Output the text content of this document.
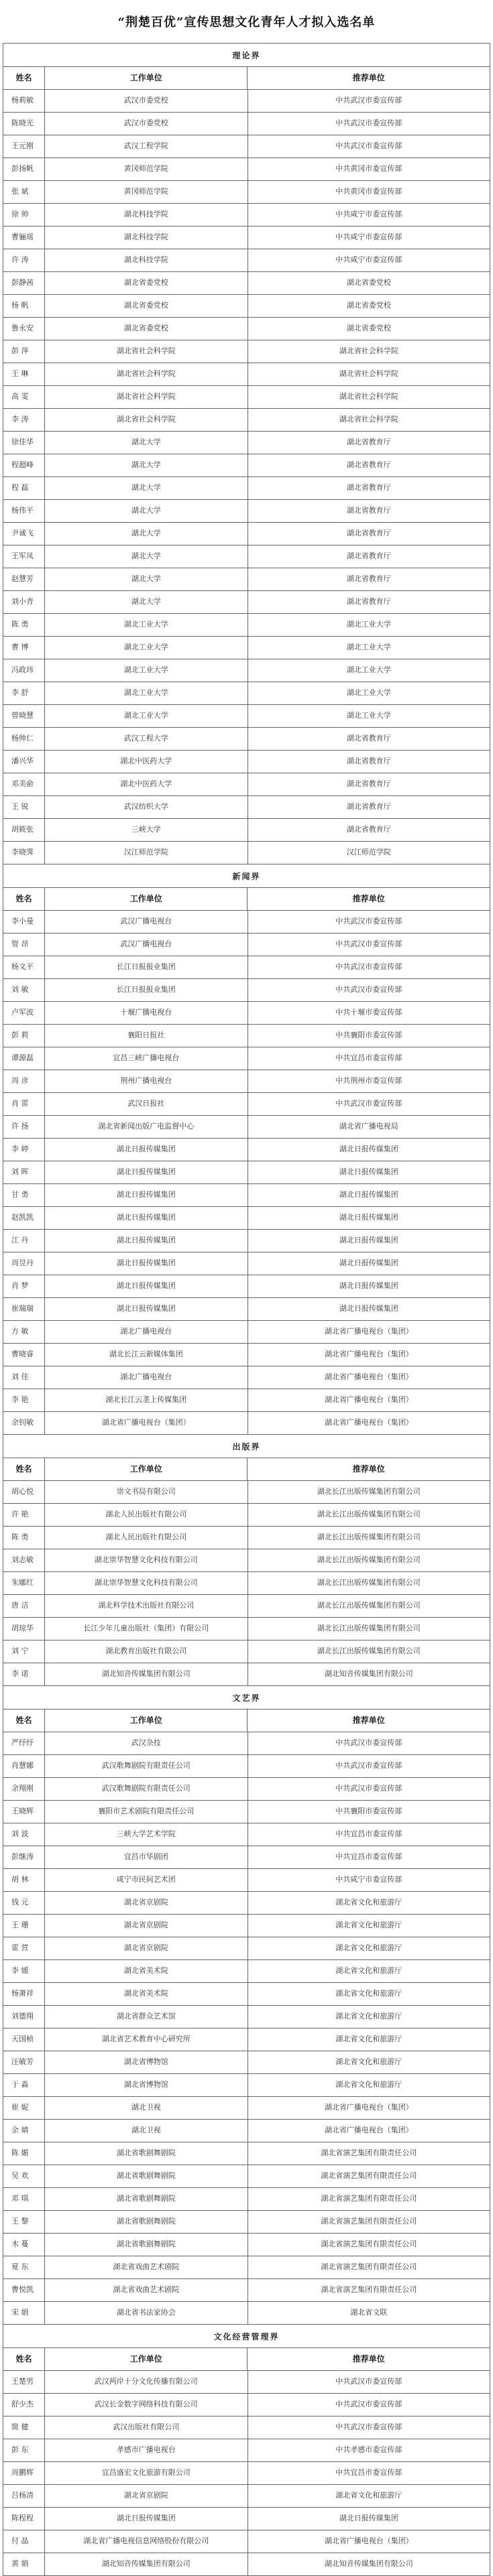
“荆楚百优”宣传思想文化青年人才拟入选名单
理论界
姓名	工作单位	推荐单位
杨莉敏	武汉市委党校	中共武汉市委宣传部
陈晓光	武汉市委党校	中共武汉市委宣传部
王元刚	武汉工程学院	中共武汉市委宣传部
彭扬帆	黄冈师范学院	中共黄冈市委宣传部
张 斌	黄冈师范学院	中共黄冈市委宣传部
徐 帅	湖北科技学院	中共咸宁市委宣传部
曹骊瑶	湖北科技学院	中共咸宁市委宣传部
许 涛	湖北科技学院	中共咸宁市委宣传部
彭静茜	湖北省委党校	湖北省委党校
杨 帆	湖北省委党校	湖北省委党校
鲁永安	湖北省委党校	湖北省委党校
彭 萍	湖北省社会科学院	湖北省社会科学院
王 琳	湖北省社会科学院	湖北省社会科学院
高 雯	湖北省社会科学院	湖北省社会科学院
李 涛	湖北省社会科学院	湖北省社会科学院
徐佳华	湖北大学	湖北省教育厅
程超峰	湖北大学	湖北省教育厅
程 磊	湖北大学	湖北省教育厅
杨伟平	湖北大学	湖北省教育厅
尹诚飞	湖北大学	湖北省教育厅
王军凤	湖北大学	湖北省教育厅
赵慧芳	湖北大学	湖北省教育厅
刘小青	湖北大学	湖北省教育厅
陈 勇	湖北工业大学	湖北工业大学
曹 博	湖北工业大学	湖北工业大学
冯政玮	湖北工业大学	湖北工业大学
李 舒	湖北工业大学	湖北工业大学
曾晓慧	湖北工业大学	湖北工业大学
杨帅仁	武汉工程大学	湖北省教育厅
潘兴华	湖北中医药大学	湖北省教育厅
邓美俞	湖北中医药大学	湖北省教育厅
王 锐	武汉纺织大学	湖北省教育厅
胡筱张	三峡大学	湖北省教育厅
李晓霁	汉江师范学院	汉江师范学院
新闻界
姓名	工作单位	推荐单位
李小曼	武汉广播电视台	中共武汉市委宣传部
管 昂	武汉广播电视台	中共武汉市委宣传部
杨文平	长江日报报业集团	中共武汉市委宣传部
刘 敏	长江日报报业集团	中共武汉市委宣传部
卢军波	十堰广播电视台	中共十堰市委宣传部
彭 莉	襄阳日报社	中共襄阳市委宣传部
谭源磊	宜昌三峡广播电视台	中共宜昌市委宣传部
周 彦	荆州广播电视台	中共荆州市委宣传部
肖 雷	武汉日报社	中共武汉市委宣传部
许 扬	湖北省新闻出版广电监督中心	湖北省广播电视局
李 婷	湖北日报传媒集团	湖北日报传媒集团
刘 晖	湖北日报传媒集团	湖北日报传媒集团
甘 勇	湖北日报传媒集团	湖北日报传媒集团
赵凯凯	湖北日报传媒集团	湖北日报传媒集团
江 丹	湖北日报传媒集团	湖北日报传媒集团
周昱丹	湖北日报传媒集团	湖北日报传媒集团
肖 梦	湖北日报传媒集团	湖北日报传媒集团
崔瑞瑞	湖北日报传媒集团	湖北日报传媒集团
方 敏	湖北广播电视台	湖北省广播电视台（集团）
曹晓睿	湖北长江云新媒体集团	湖北省广播电视台（集团）
刘 佳	湖北广播电视台	湖北省广播电视台（集团）
李 艳	湖北长江云垄上传媒集团	湖北省广播电视台（集团）
余钊敏	湖北省广播电视台（集团）	湖北省广播电视台（集团）
出版界
姓名	工作单位	推荐单位
胡心悦	崇文书局有限公司	湖北长江出版传媒集团有限公司
许 艳	湖北人民出版社有限公司	湖北长江出版传媒集团有限公司
陈 勇	湖北人民出版社有限公司	湖北长江出版传媒集团有限公司
刘志敏	湖北崇华智慧文化科技有限公司	湖北长江出版传媒集团有限公司
朱娜红	湖北崇华智慧文化科技有限公司	湖北长江出版传媒集团有限公司
唐 洁	湖北科学技术出版社有限公司	湖北长江出版传媒集团有限公司
胡琼华	长江少年儿童出版社（集团）有限公司	湖北长江出版传媒集团有限公司
刘 宁	湖北教育出版社有限公司	湖北长江出版传媒集团有限公司
李 诺	湖北知音传媒集团有限公司	湖北知音传媒集团有限公司
文艺界
姓名	工作单位	推荐单位
严纾纾	武汉杂技	中共武汉市委宣传部
肖慧娜	武汉歌舞剧院有限责任公司	中共武汉市委宣传部
余翔刚	武汉歌舞剧院有限责任公司	中共武汉市委宣传部
王晓辉	襄阳市艺术剧院有限责任公司	中共襄阳市委宣传部
刘 波	三峡大学艺术学院	中共宜昌市委宣传部
彭继涛	宜昌市华剧团	中共宜昌市委宣传部
胡 林	咸宁市民间艺术团	中共咸宁市委宣传部
钱 元	湖北省京剧院	湖北省文化和旅游厅
王 珊	湖北省京剧院	湖北省文化和旅游厅
雷 营	湖北省京剧院	湖北省文化和旅游厅
李 媛	湖北省美术院	湖北省文化和旅游厅
杨萧祥	湖北省美术院	湖北省文化和旅游厅
刘德翔	湖北省群众艺术馆	湖北省文化和旅游厅
天国桢	湖北省艺术教育中心研究所	湖北省文化和旅游厅
汪敏芳	湖北省博物馆	湖北省文化和旅游厅
于 淼	湖北省博物馆	湖北省文化和旅游厅
崔 妮	湖北卫视	湖北省广播电视台（集团）
余 婧	湖北卫视	湖北省广播电视台（集团）
陈 媚	湖北省歌剧舞剧院	湖北省演艺集团有限责任公司
吴 欢	湖北省歌剧舞剧院	湖北省演艺集团有限责任公司
邓 琪	湖北省歌剧舞剧院	湖北省演艺集团有限责任公司
王 黎	湖北省歌剧舞剧院	湖北省演艺集团有限责任公司
木 蔓	湖北省歌剧舞剧院	湖北省演艺集团有限责任公司
夏 东	湖北省戏曲艺术剧院	湖北省演艺集团有限责任公司
曹悦凯	湖北省戏曲艺术剧院	湖北省演艺集团有限责任公司
宋 娟	湖北省书法家协会	湖北省文联
文化经营管理界
姓名	工作单位	推荐单位
王楚男	武汉两岸十分文化传播有限公司	中共武汉市委宣传部
舒少杰	武汉长金数字网络科技有限公司	中共武汉市委宣传部
简 健	武汉出版社有限公司	中共武汉市委宣传部
彭 东	孝感市广播电视台	中共孝感市委宣传部
周鹏辉	宜昌盛宏文化旅游有限公司	中共宜昌市委宣传部
吕杨清	湖北省京剧院	湖北省文化和旅游厅
陈程程	湖北日报传媒集团	湖北日报传媒集团
付 晶	湖北省广播电视信息网络股份有限公司	湖北省广播电视台（集团）
黄 娟	湖北知音传媒集团有限公司	湖北知音传媒集团有限公司
